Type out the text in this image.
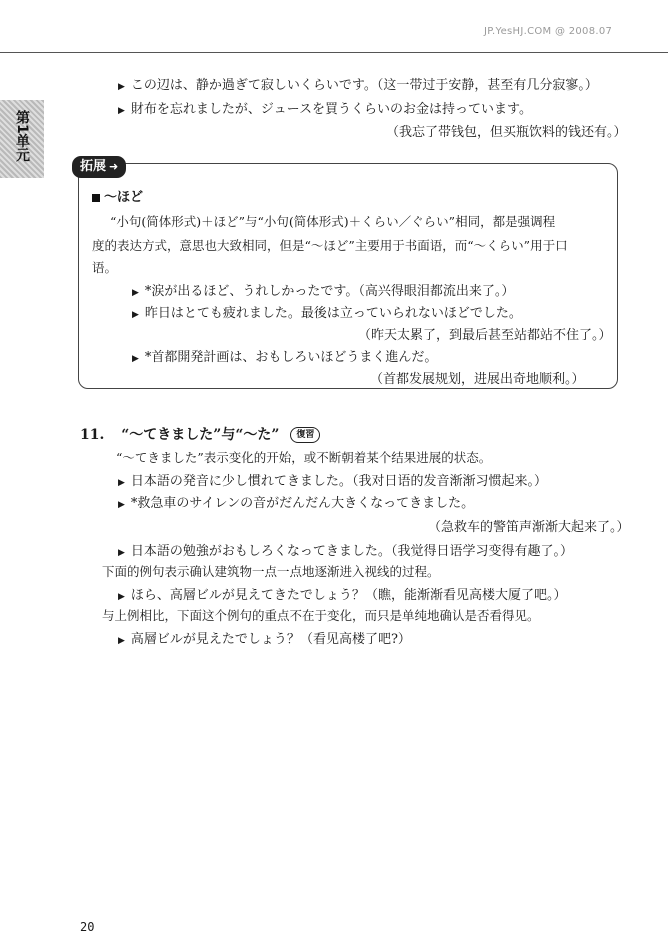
JP.YesHJ.COM @ 2008.07
第1单元
▶ この辺は、静か過ぎて寂しいくらいです。（这一带过于安静，甚至有几分寂寥。）
▶ 財布を忘れましたが、ジュースを買うくらいのお金は持っています。
（我忘了带钱包，但买瓶饮料的钱还有。）
拓展 ➜
～ほど
“小句(简体形式)＋ほど”与“小句(简体形式)＋くらい／ぐらい”相同，都是强调程
度的表达方式，意思也大致相同，但是“～ほど”主要用于书面语，而“～くらい”用于口
语。
▶ *涙が出るほど、うれしかったです。（高兴得眼泪都流出来了。）
▶ 昨日はとても疲れました。最後は立っていられないほどでした。
（昨天太累了，到最后甚至站都站不住了。）
▶ *首都開発計画は、おもしろいほどうまく進んだ。
（首都发展规划，进展出奇地顺利。）
11. “～てきました”与“～た” 復習
“～てきました”表示变化的开始，或不断朝着某个结果进展的状态。
▶ 日本語の発音に少し慣れてきました。（我对日语的发音渐渐习惯起来。）
▶ *救急車のサイレンの音がだんだん大きくなってきました。
（急救车的警笛声渐渐大起来了。）
▶ 日本語の勉強がおもしろくなってきました。（我觉得日语学习变得有趣了。）
下面的例句表示确认建筑物一点一点地逐渐进入视线的过程。
▶ ほら、高層ビルが見えてきたでしょう？（瞧，能渐渐看见高楼大厦了吧。）
与上例相比，下面这个例句的重点不在于变化，而只是单纯地确认是否看得见。
▶ 高層ビルが見えたでしょう？（看见高楼了吧?）
20
